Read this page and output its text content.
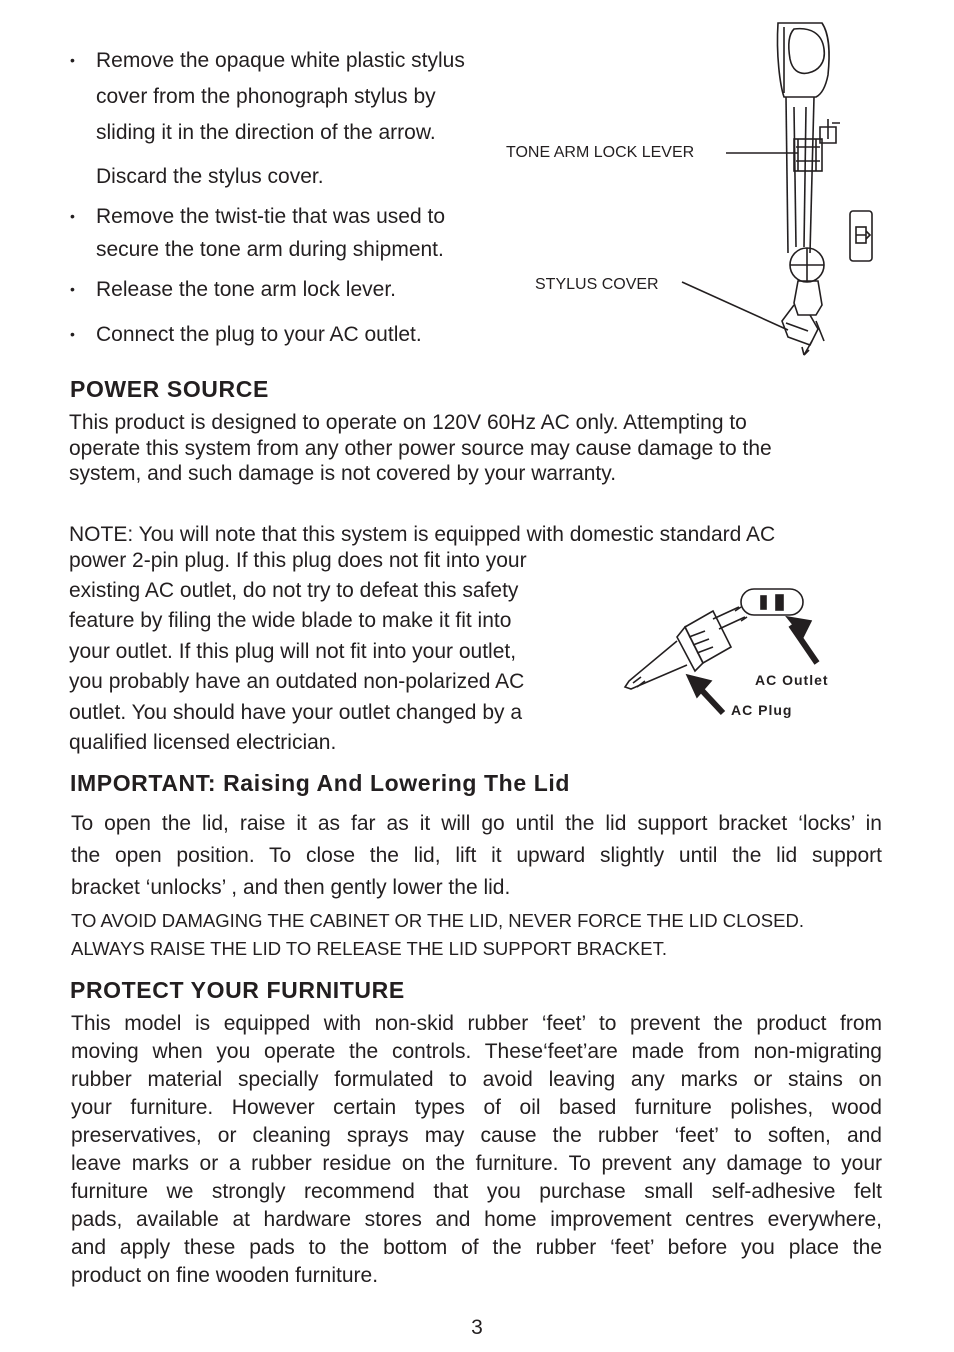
• Remove the opaque white plastic stylus
cover from the phonograph stylus by
sliding it in the direction of the arrow.
Discard the stylus cover.
• Remove the twist-tie that was used to
secure the tone arm during shipment.
• Release the tone arm lock lever.
• Connect the plug to your AC outlet.
TONE ARM LOCK LEVER
STYLUS COVER
POWER SOURCE
This product is designed to operate on 120V 60Hz AC only. Attempting to
operate this system from any other power source may cause damage to the
system, and such damage is not covered by your warranty.
NOTE: You will note that this system is equipped with domestic standard AC
power 2-pin plug. If this plug does not fit into your
existing AC outlet, do not try to defeat this safety
feature by filing the wide blade to make it fit into
your outlet. If this plug will not fit into your outlet,
you probably have an outdated non-polarized AC
outlet. You should have your outlet changed by a
qualified licensed electrician.
AC Outlet
AC Plug
IMPORTANT: Raising And Lowering The Lid
To open the lid, raise it as far as it will go until the lid support bracket ‘locks’ in
the open position. To close the lid, lift it upward slightly until the lid support
bracket ‘unlocks’ , and then gently lower the lid.
TO AVOID DAMAGING THE CABINET OR THE LID, NEVER FORCE THE LID CLOSED.
ALWAYS RAISE THE LID TO RELEASE THE LID SUPPORT BRACKET.
PROTECT YOUR FURNITURE
This model is equipped with non-skid rubber ‘feet’ to prevent the product from
moving when you operate the controls. These‘feet’are made from non-migrating
rubber material specially formulated to avoid leaving any marks or stains on
your furniture. However certain types of oil based furniture polishes, wood
preservatives, or cleaning sprays may cause the rubber ‘feet’ to soften, and
leave marks or a rubber residue on the furniture. To prevent any damage to your
furniture we strongly recommend that you purchase small self-adhesive felt
pads, available at hardware stores and home improvement centres everywhere,
and apply these pads to the bottom of the rubber ‘feet’ before you place the
product on fine wooden furniture.
3
